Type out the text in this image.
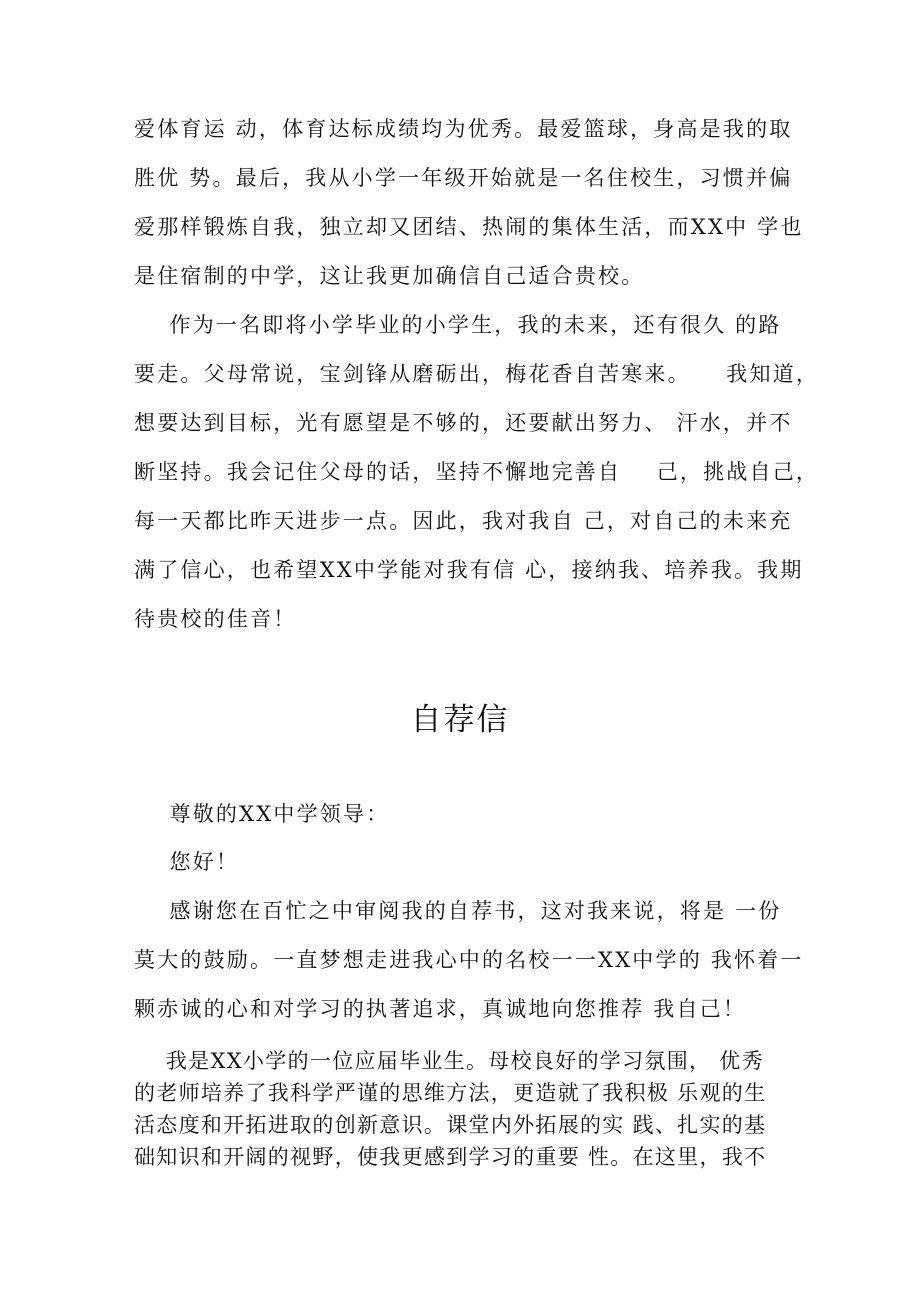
爱体育运 动，体育达标成绩均为优秀。最爱篮球，身高是我的取
胜优 势。最后，我从小学一年级开始就是一名住校生，习惯并偏
爱那样锻炼自我，独立却又团结、热闹的集体生活，而XX中 学也
是住宿制的中学，这让我更加确信自己适合贵校。
作为一名即将小学毕业的小学生，我的未来，还有很久 的路
要走。父母常说，宝剑锋从磨砺出，梅花香自苦寒来。    我知道，
想要达到目标，光有愿望是不够的，还要献出努力、 汗水，并不
断坚持。我会记住父母的话，坚持不懈地完善自    己，挑战自己，
每一天都比昨天进步一点。因此，我对我自 己，对自己的未来充
满了信心，也希望XX中学能对我有信 心，接纳我、培养我。我期
待贵校的佳音！
自荐信
尊敬的XX中学领导：
您好！
感谢您在百忙之中审阅我的自荐书，这对我来说，将是 一份
莫大的鼓励。一直梦想走进我心中的名校一一XX中学的 我怀着一
颗赤诚的心和对学习的执著追求，真诚地向您推荐 我自己！
我是XX小学的一位应届毕业生。母校良好的学习氛围， 优秀
的老师培养了我科学严谨的思维方法，更造就了我积极 乐观的生
活态度和开拓进取的创新意识。课堂内外拓展的实 践、扎实的基
础知识和开阔的视野，使我更感到学习的重要 性。在这里，我不
